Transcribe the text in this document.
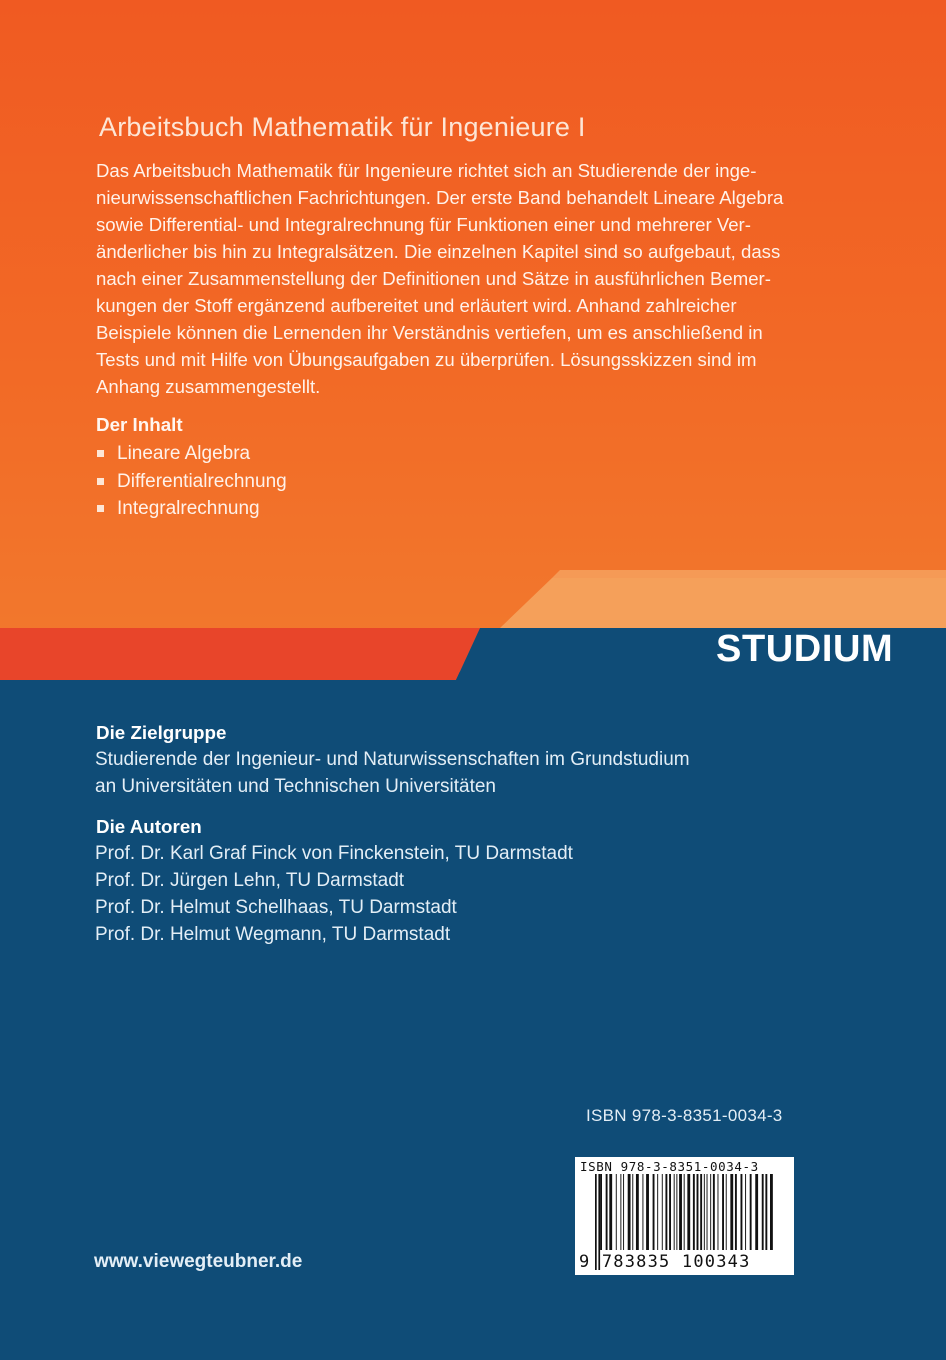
Arbeitsbuch Mathematik für Ingenieure I
Das Arbeitsbuch Mathematik für Ingenieure richtet sich an Studierende der inge-
nieurwissenschaftlichen Fachrichtungen. Der erste Band behandelt Lineare Algebra
sowie Differential- und Integralrechnung für Funktionen einer und mehrerer Ver-
änderlicher bis hin zu Integralsätzen. Die einzelnen Kapitel sind so aufgebaut, dass
nach einer Zusammenstellung der Definitionen und Sätze in ausführlichen Bemer-
kungen der Stoff ergänzend aufbereitet und erläutert wird. Anhand zahlreicher
Beispiele können die Lernenden ihr Verständnis vertiefen, um es anschließend in
Tests und mit Hilfe von Übungsaufgaben zu überprüfen. Lösungsskizzen sind im
Anhang zusammengestellt.
Der Inhalt
Lineare Algebra
Differentialrechnung
Integralrechnung
STUDIUM
Die Zielgruppe
Studierende der Ingenieur- und Naturwissenschaften im Grundstudium
an Universitäten und Technischen Universitäten
Die Autoren
Prof. Dr. Karl Graf Finck von Finckenstein, TU Darmstadt
Prof. Dr. Jürgen Lehn, TU Darmstadt
Prof. Dr. Helmut Schellhaas, TU Darmstadt
Prof. Dr. Helmut Wegmann, TU Darmstadt
ISBN 978-3-8351-0034-3
ISBN 978-3-8351-0034-3
9 783835 100343
www.viewegteubner.de
